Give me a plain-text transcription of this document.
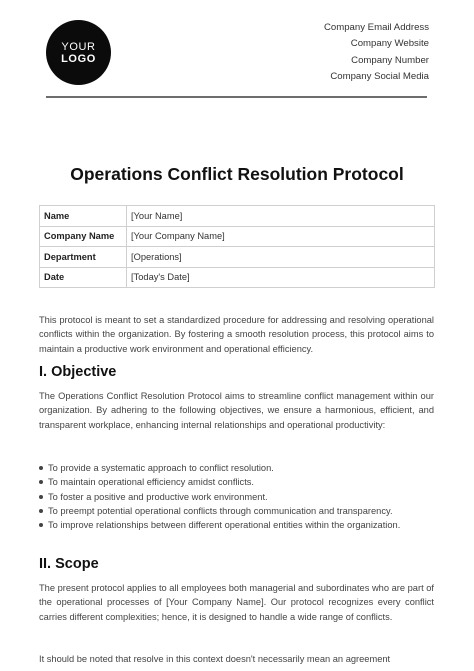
YOUR
LOGO
Company Email Address
Company Website
Company Number
Company Social Media
Operations Conflict Resolution Protocol
Name	[Your Name]
Company Name	[Your Company Name]
Department	[Operations]
Date	[Today's Date]

This protocol is meant to set a standardized procedure for addressing and resolving operational conflicts within the organization. By fostering a smooth resolution process, this protocol aims to maintain a productive work environment and operational efficiency.

I. Objective

The Operations Conflict Resolution Protocol aims to streamline conflict management within our organization. By adhering to the following objectives, we ensure a harmonious, efficient, and transparent workplace, enhancing internal relationships and operational productivity:

To provide a systematic approach to conflict resolution.
To maintain operational efficiency amidst conflicts.
To foster a positive and productive work environment.
To preempt potential operational conflicts through communication and transparency.
To improve relationships between different operational entities within the organization.
II. Scope

The present protocol applies to all employees both managerial and subordinates who are part of the operational processes of [Your Company Name]. Our protocol recognizes every conflict carries different complexities; hence, it is designed to handle a wide range of conflicts.

It should be noted that resolve in this context doesn't necessarily mean an agreement
